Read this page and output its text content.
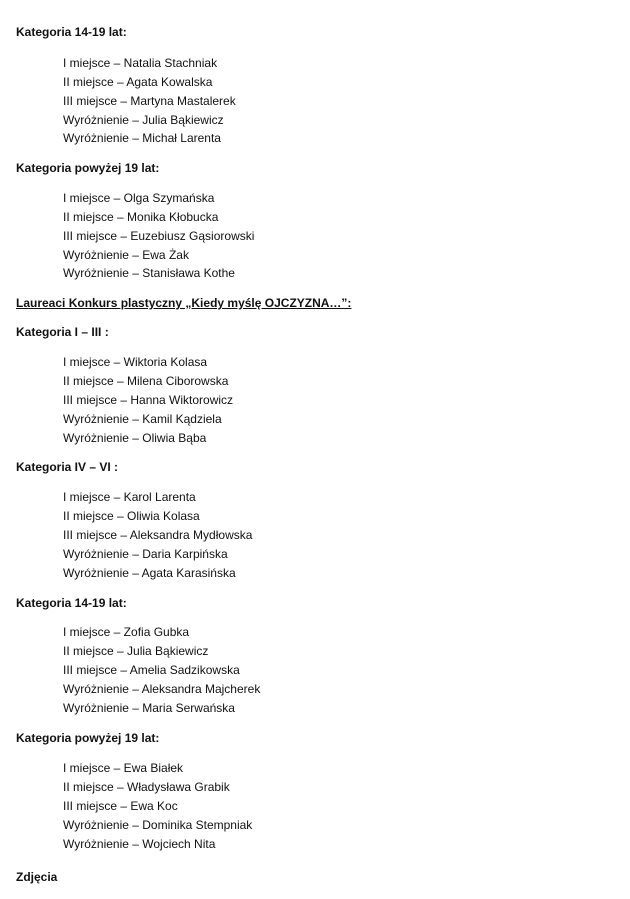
Kategoria 14-19 lat:
I miejsce – Natalia Stachniak
II miejsce – Agata Kowalska
III miejsce – Martyna Mastalerek
Wyróżnienie – Julia Bąkiewicz
Wyróżnienie – Michał Larenta
Kategoria powyżej 19 lat:
I miejsce – Olga Szymańska
II miejsce – Monika Kłobucka
III miejsce – Euzebiusz Gąsiorowski
Wyróżnienie – Ewa Żak
Wyróżnienie – Stanisława Kothe
Laureaci Konkurs plastyczny „Kiedy myślę OJCZYZNA…”:
Kategoria I – III :
I miejsce – Wiktoria Kolasa
II miejsce – Milena Ciborowska
III miejsce – Hanna Wiktorowicz
Wyróżnienie – Kamil Kądziela
Wyróżnienie – Oliwia Bąba
Kategoria IV – VI :
I miejsce – Karol Larenta
II miejsce – Oliwia Kolasa
III miejsce – Aleksandra Mydłowska
Wyróżnienie – Daria Karpińska
Wyróżnienie – Agata Karasińska
Kategoria 14-19 lat:
I miejsce – Zofia Gubka
II miejsce – Julia Bąkiewicz
III miejsce – Amelia Sadzikowska
Wyróżnienie – Aleksandra Majcherek
Wyróżnienie – Maria Serwańska
Kategoria powyżej 19 lat:
I miejsce – Ewa Białek
II miejsce – Władysława Grabik
III miejsce – Ewa Koc
Wyróżnienie – Dominika Stempniak
Wyróżnienie – Wojciech Nita
Zdjęcia
